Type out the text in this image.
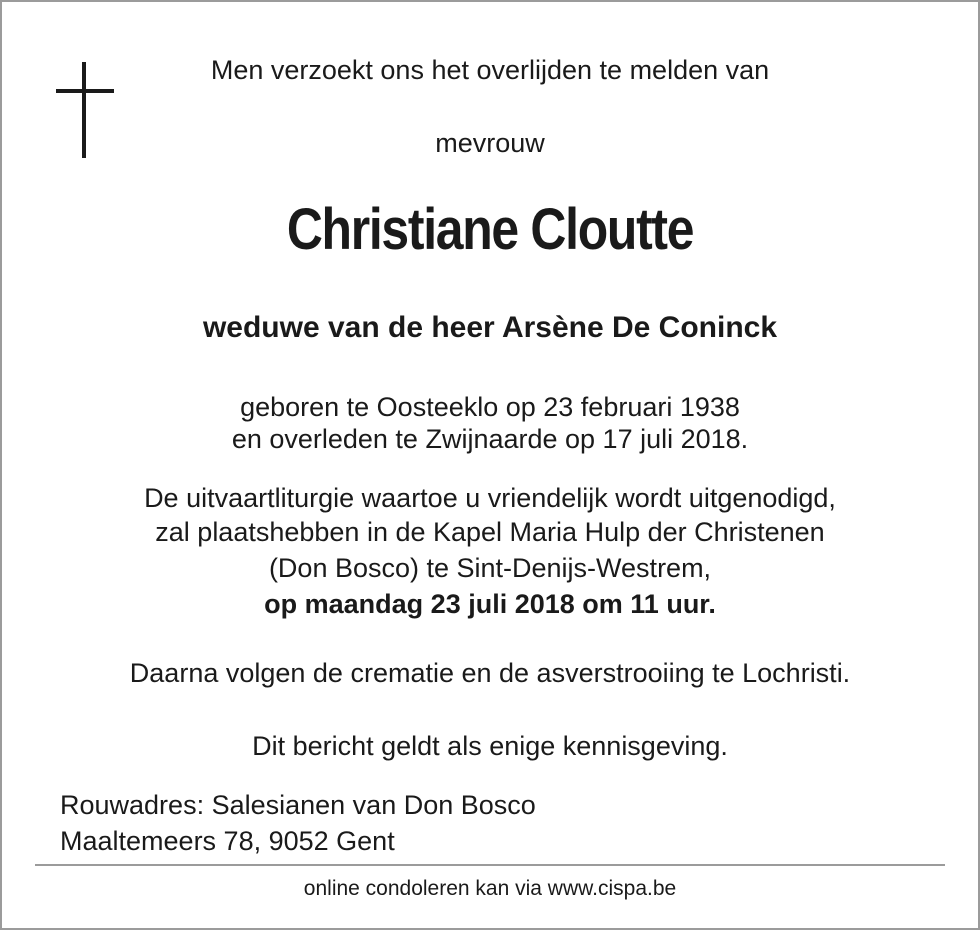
Men verzoekt ons het overlijden te melden van
mevrouw
Christiane Cloutte
weduwe van de heer Arsène De Coninck
geboren te Oosteeklo op 23 februari 1938
en overleden te Zwijnaarde op 17 juli 2018.
De uitvaartliturgie waartoe u vriendelijk wordt uitgenodigd,
zal plaatshebben in de Kapel Maria Hulp der Christenen
(Don Bosco) te Sint-Denijs-Westrem,
op maandag 23 juli 2018 om 11 uur.
Daarna volgen de crematie en de asverstrooiing te Lochristi.
Dit bericht geldt als enige kennisgeving.
Rouwadres: Salesianen van Don Bosco
Maaltemeers 78, 9052 Gent
online condoleren kan via www.cispa.be
